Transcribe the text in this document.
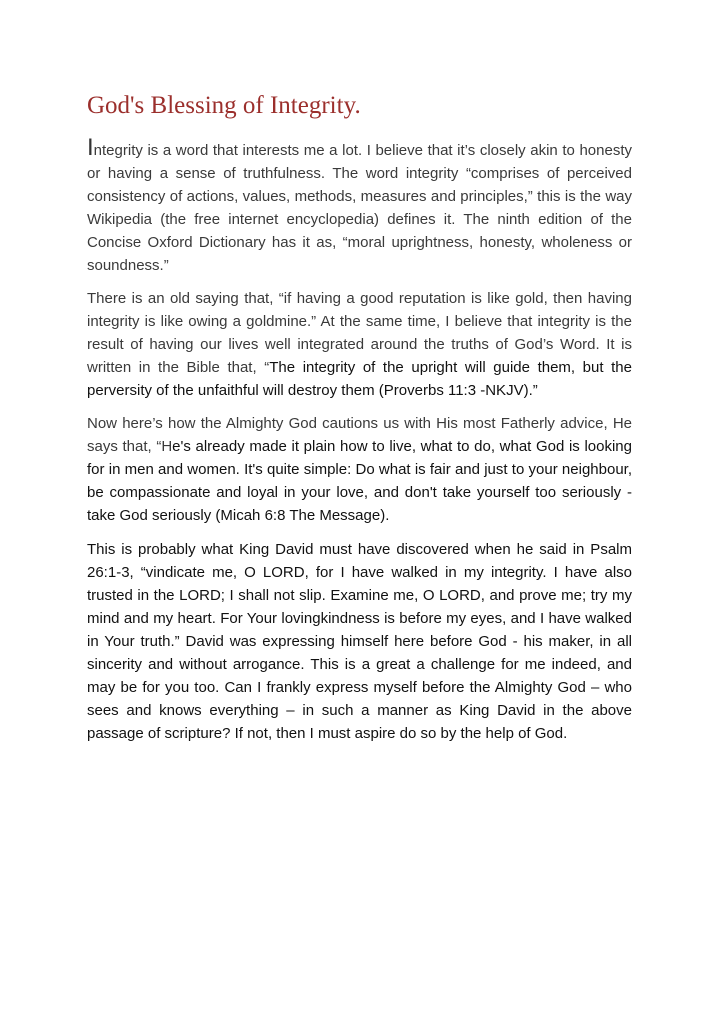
God's Blessing of Integrity.

Integrity is a word that interests me a lot. I believe that it’s closely akin to honesty or having a sense of truthfulness. The word integrity “comprises of perceived consistency of actions, values, methods, measures and principles,” this is the way Wikipedia (the free internet encyclopedia) defines it. The ninth edition of the Concise Oxford Dictionary has it as, “moral uprightness, honesty, wholeness or soundness.”

There is an old saying that, “if having a good reputation is like gold, then having integrity is like owing a goldmine.” At the same time, I believe that integrity is the result of having our lives well integrated around the truths of God’s Word. It is written in the Bible that, “The integrity of the upright will guide them, but the perversity of the unfaithful will destroy them (Proverbs 11:3 -NKJV).”

Now here’s how the Almighty God cautions us with His most Fatherly advice, He says that, “He's already made it plain how to live, what to do, what God is looking for in men and women. It's quite simple: Do what is fair and just to your neighbour, be compassionate and loyal in your love, and don't take yourself too seriously - take God seriously (Micah 6:8 The Message).

This is probably what King David must have discovered when he said in Psalm 26:1-3, “vindicate me, O LORD, for I have walked in my integrity. I have also trusted in the LORD; I shall not slip. Examine me, O LORD, and prove me; try my mind and my heart. For Your lovingkindness is before my eyes, and I have walked in Your truth.” David was expressing himself here before God - his maker, in all sincerity and without arrogance. This is a great a challenge for me indeed, and may be for you too. Can I frankly express myself before the Almighty God – who sees and knows everything – in such a manner as King David in the above passage of scripture? If not, then I must aspire do so by the help of God.
